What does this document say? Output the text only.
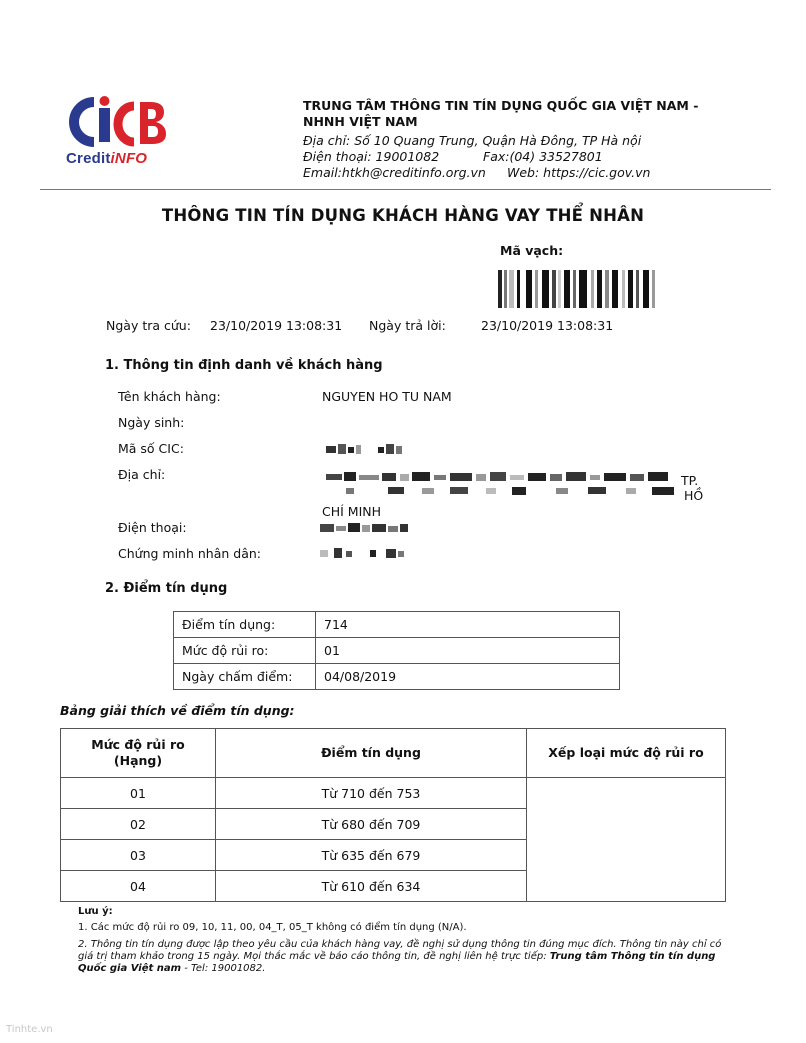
CreditiNFO
TRUNG TÂM THÔNG TIN TÍN DỤNG QUỐC GIA VIỆT NAM - NHNH VIỆT NAM
Địa chỉ: Số 10 Quang Trung, Quận Hà Đông, TP Hà nội
Điện thoại: 19001082	Fax:(04) 33527801
Email:htkh@creditinfo.org.vn Web: https://cic.gov.vn
THÔNG TIN TÍN DỤNG KHÁCH HÀNG VAY THỂ NHÂN
Mã vạch:
Ngày tra cứu: 23/10/2019 13:08:31 Ngày trả lời:	23/10/2019 13:08:31
1. Thông tin định danh về khách hàng
Tên khách hàng:	NGUYEN HO TU NAM
Ngày sinh:
Mã số CIC:
Địa chỉ:	TP.
HỒ
CHÍ MINH
Điện thoại:
Chứng minh nhân dân:
2. Điểm tín dụng
Điểm tín dụng:	714
Mức độ rủi ro:	01
Ngày chấm điểm:	04/08/2019
Bảng giải thích về điểm tín dụng:
Mức độ rủi ro (Hạng)	Điểm tín dụng	Xếp loại mức độ rủi ro
01	Từ 710 đến 753	
02	Từ 680 đến 709	
03	Từ 635 đến 679	
04	Từ 610 đến 634	
Lưu ý:
1. Các mức độ rủi ro 09, 10, 11, 00, 04_T, 05_T không có điểm tín dụng (N/A).
2. Thông tin tín dụng được lập theo yêu cầu của khách hàng vay, đề nghị sử dụng thông tin đúng mục đích. Thông tin này chỉ có giá trị tham khảo trong 15 ngày. Mọi thắc mắc về báo cáo thông tin, đề nghị liên hệ trực tiếp: Trung tâm Thông tin tín dụng Quốc gia Việt nam - Tel: 19001082.
Tinhte.vn
